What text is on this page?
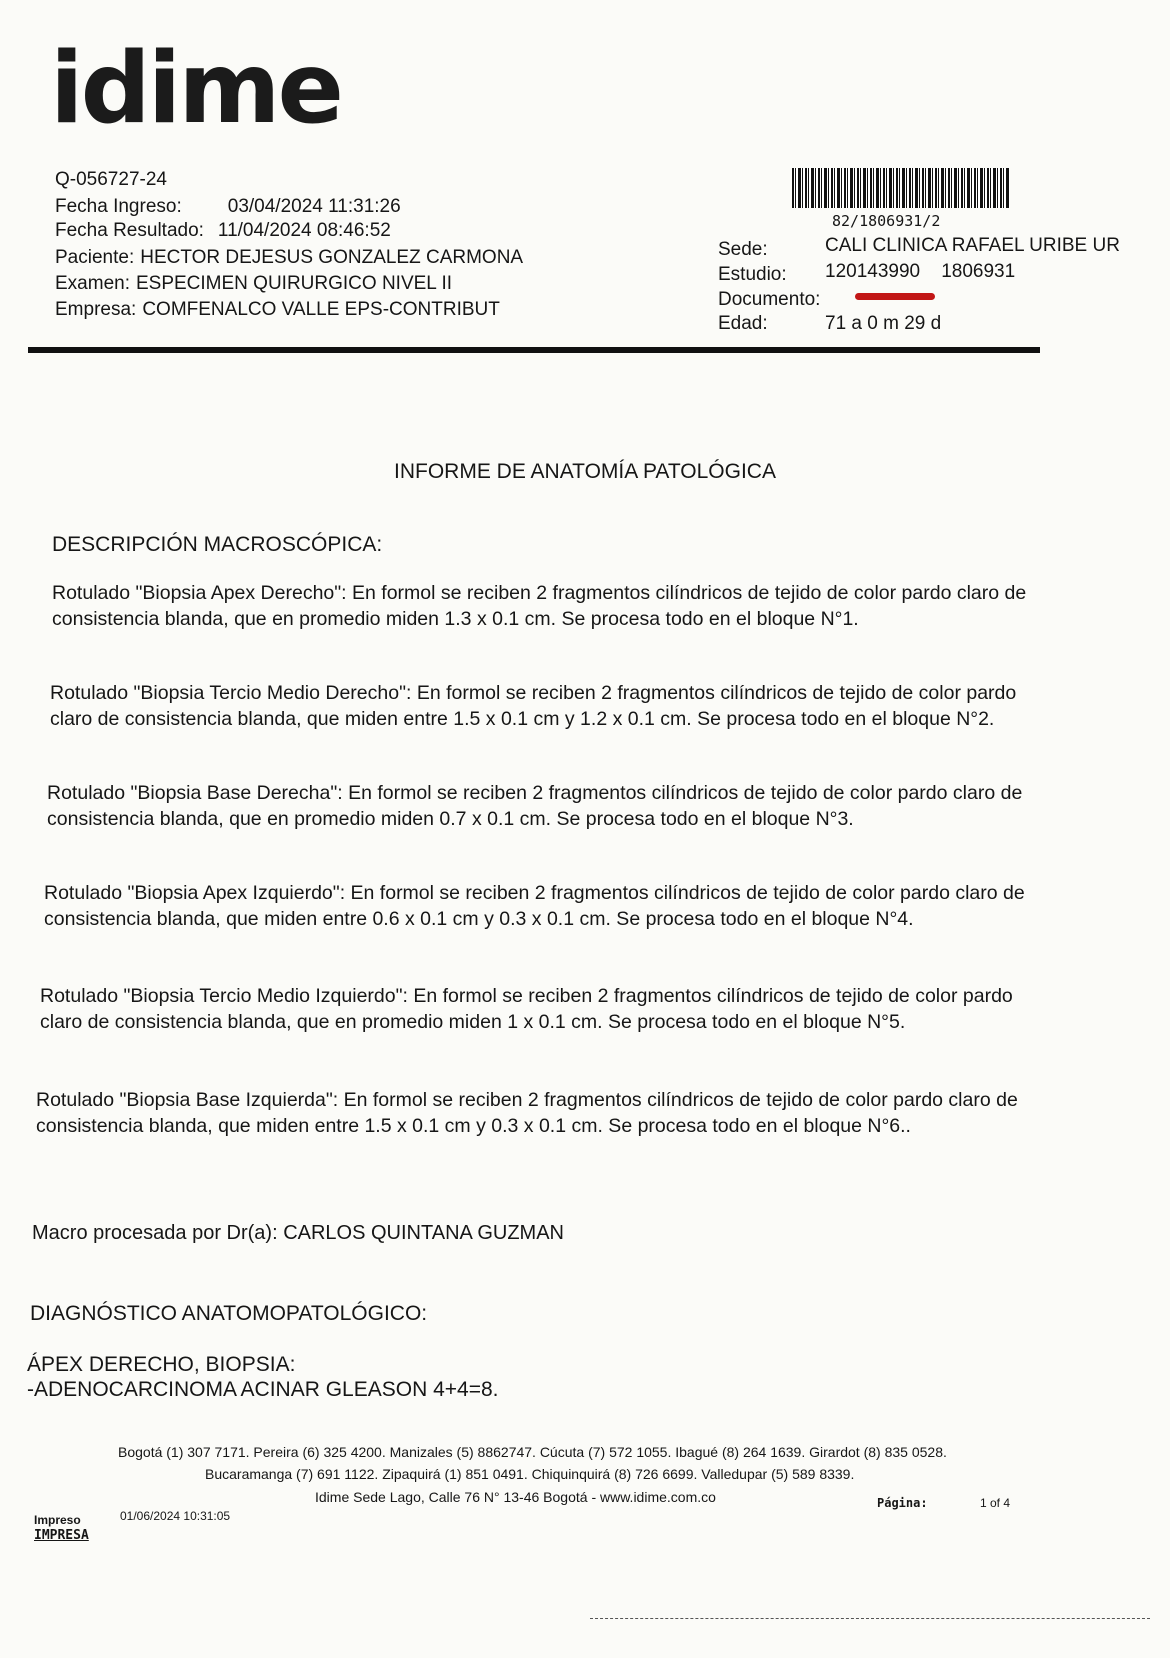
idime
Q-056727-24
Fecha Ingreso: 03/04/2024 11:31:26
Fecha Resultado: 11/04/2024 08:46:52
Paciente: HECTOR DEJESUS GONZALEZ CARMONA
Examen: ESPECIMEN QUIRURGICO NIVEL II
Empresa: COMFENALCO VALLE EPS-CONTRIBUT
82/1806931/2
Sede:	CALI CLINICA RAFAEL URIBE UR
Estudio: 120143990    1806931
Documento:
Edad:	71 a 0 m 29 d
INFORME DE ANATOMÍA PATOLÓGICA
DESCRIPCIÓN MACROSCÓPICA:
Rotulado "Biopsia Apex Derecho": En formol se reciben 2 fragmentos cilíndricos de tejido de color pardo claro de consistencia blanda, que en promedio miden 1.3 x 0.1 cm. Se procesa todo en el bloque N°1.
Rotulado "Biopsia Tercio Medio Derecho": En formol se reciben 2 fragmentos cilíndricos de tejido de color pardo claro de consistencia blanda, que miden entre 1.5 x 0.1 cm y 1.2 x 0.1 cm. Se procesa todo en el bloque N°2.
Rotulado "Biopsia Base Derecha": En formol se reciben 2 fragmentos cilíndricos de tejido de color pardo claro de consistencia blanda, que en promedio miden 0.7 x 0.1 cm. Se procesa todo en el bloque N°3.
Rotulado "Biopsia Apex Izquierdo": En formol se reciben 2 fragmentos cilíndricos de tejido de color pardo claro de consistencia blanda, que miden entre 0.6 x 0.1 cm y 0.3 x 0.1 cm. Se procesa todo en el bloque N°4.
Rotulado "Biopsia Tercio Medio Izquierdo": En formol se reciben 2 fragmentos cilíndricos de tejido de color pardo claro de consistencia blanda, que en promedio miden 1 x 0.1 cm. Se procesa todo en el bloque N°5.
Rotulado "Biopsia Base Izquierda": En formol se reciben 2 fragmentos cilíndricos de tejido de color pardo claro de consistencia blanda, que miden entre 1.5 x 0.1 cm y 0.3 x 0.1 cm. Se procesa todo en el bloque N°6..
Macro procesada por Dr(a): CARLOS QUINTANA GUZMAN
DIAGNÓSTICO ANATOMOPATOLÓGICO:
ÁPEX DERECHO, BIOPSIA:
-ADENOCARCINOMA ACINAR GLEASON 4+4=8.
Bogotá (1) 307 7171. Pereira (6) 325 4200. Manizales (5) 8862747. Cúcuta (7) 572 1055. Ibagué (8) 264 1639. Girardot (8) 835 0528.
Bucaramanga (7) 691 1122. Zipaquirá (1) 851 0491. Chiquinquirá (8) 726 6699. Valledupar (5) 589 8339.
Idime Sede Lago, Calle 76 N° 13-46 Bogotá - www.idime.com.co
Impreso	01/06/2024 10:31:05
IMPRESA
Página:	1 of 4
